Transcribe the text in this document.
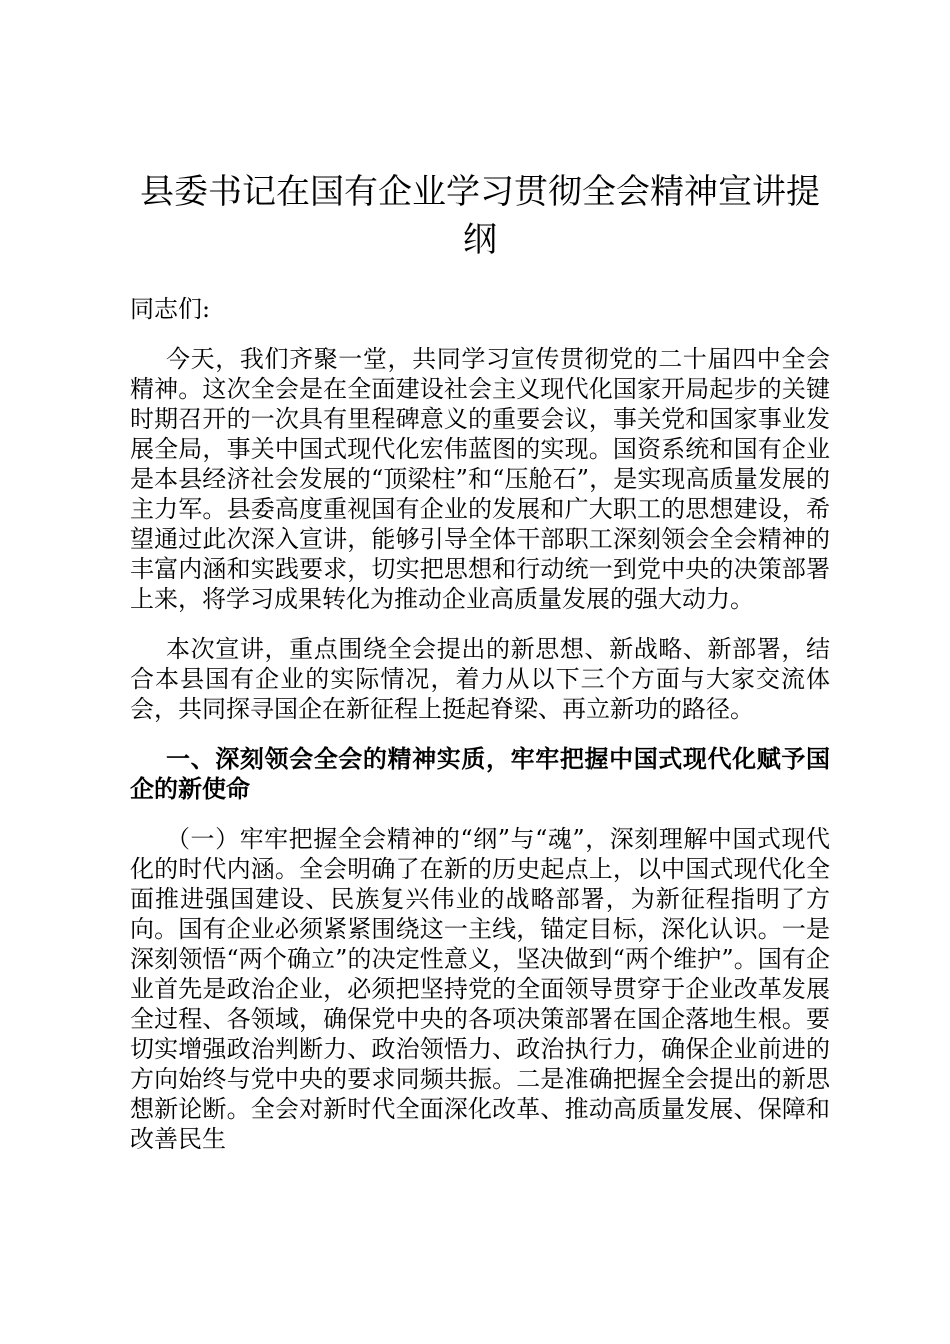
县委书记在国有企业学习贯彻全会精神宣讲提纲

同志们:

今天，我们齐聚一堂，共同学习宣传贯彻党的二十届四中全会精神。这次全会是在全面建设社会主义现代化国家开局起步的关键时期召开的一次具有里程碑意义的重要会议，事关党和国家事业发展全局，事关中国式现代化宏伟蓝图的实现。国资系统和国有企业是本县经济社会发展的“顶梁柱”和“压舱石”，是实现高质量发展的主力军。县委高度重视国有企业的发展和广大职工的思想建设，希望通过此次深入宣讲，能够引导全体干部职工深刻领会全会精神的丰富内涵和实践要求，切实把思想和行动统一到党中央的决策部署上来，将学习成果转化为推动企业高质量发展的强大动力。

本次宣讲，重点围绕全会提出的新思想、新战略、新部署，结合本县国有企业的实际情况，着力从以下三个方面与大家交流体会，共同探寻国企在新征程上挺起脊梁、再立新功的路径。

一、深刻领会全会的精神实质，牢牢把握中国式现代化赋予国企的新使命

（一）牢牢把握全会精神的“纲”与“魂”，深刻理解中国式现代化的时代内涵。全会明确了在新的历史起点上，以中国式现代化全面推进强国建设、民族复兴伟业的战略部署，为新征程指明了方向。国有企业必须紧紧围绕这一主线，锚定目标，深化认识。一是深刻领悟“两个确立”的决定性意义，坚决做到“两个维护”。国有企业首先是政治企业，必须把坚持党的全面领导贯穿于企业改革发展全过程、各领域，确保党中央的各项决策部署在国企落地生根。要切实增强政治判断力、政治领悟力、政治执行力，确保企业前进的方向始终与党中央的要求同频共振。二是准确把握全会提出的新思想新论断。全会对新时代全面深化改革、推动高质量发展、保障和改善民生
